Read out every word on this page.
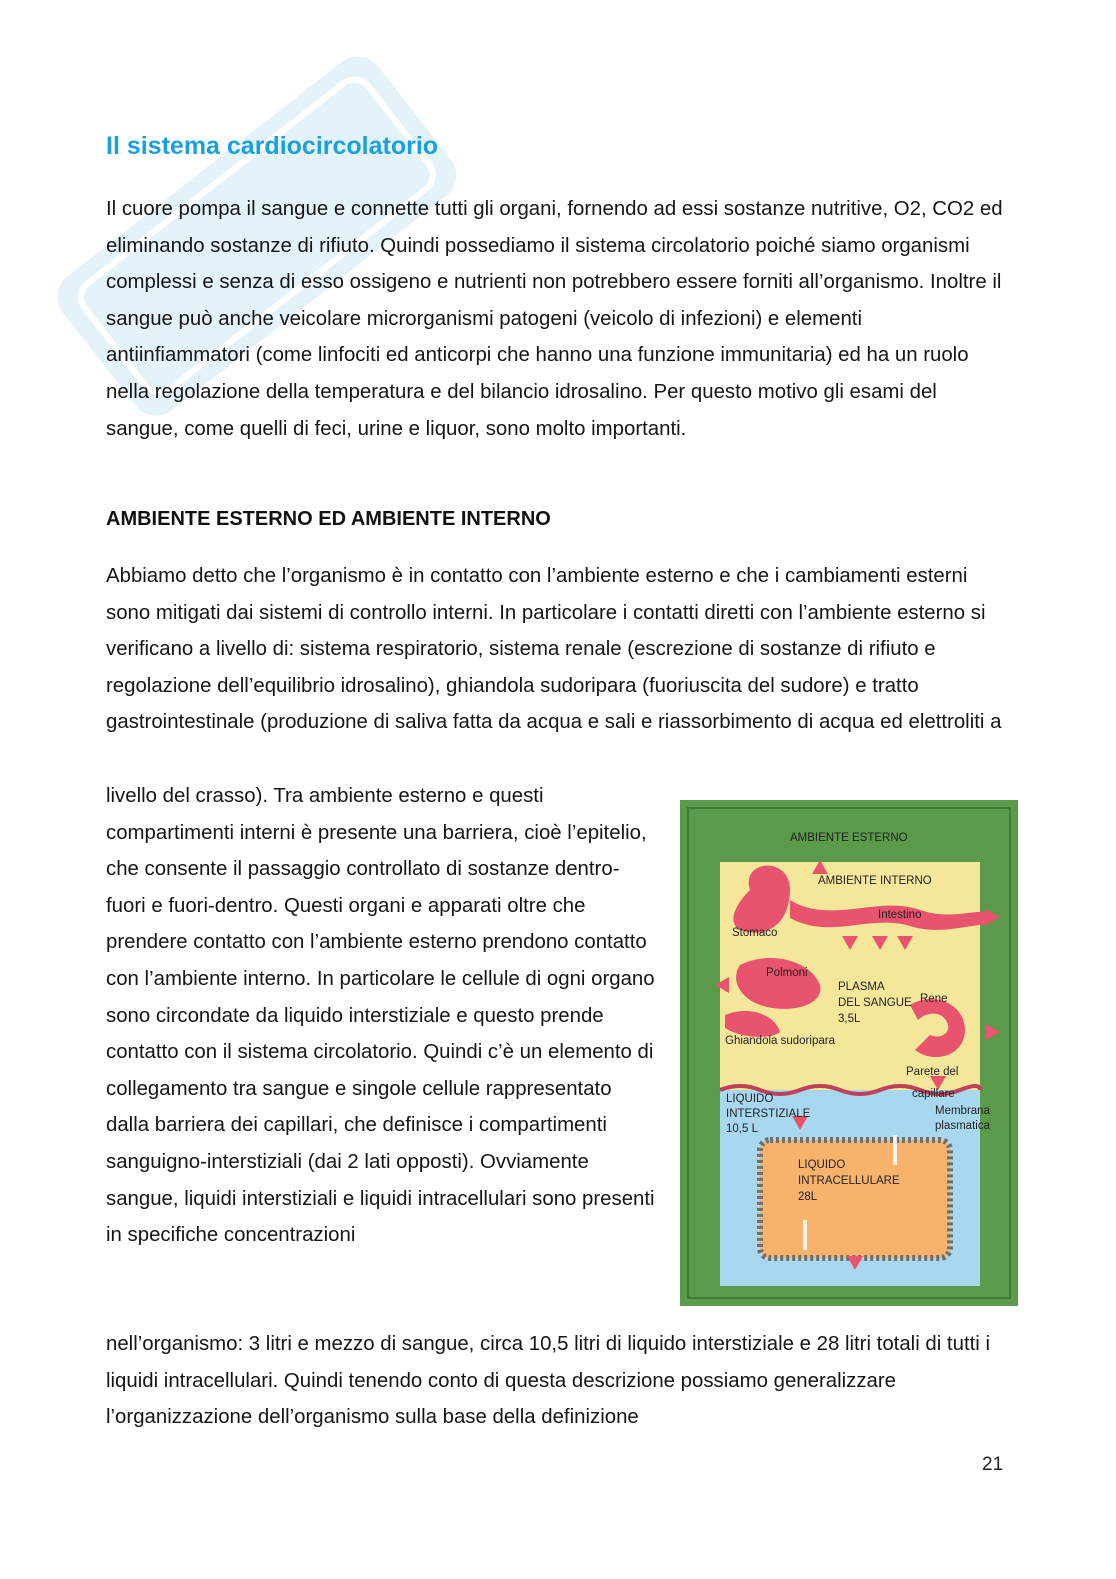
Il sistema cardiocircolatorio

Il cuore pompa il sangue e connette tutti gli organi, fornendo ad essi sostanze nutritive, O2, CO2 ed eliminando sostanze di rifiuto. Quindi possediamo il sistema circolatorio poiché siamo organismi complessi e senza di esso ossigeno e nutrienti non potrebbero essere forniti all’organismo. Inoltre il sangue può anche veicolare microrganismi patogeni (veicolo di infezioni) e elementi antiinfiammatori (come linfociti ed anticorpi che hanno una funzione immunitaria) ed ha un ruolo nella regolazione della temperatura e del bilancio idrosalino. Per questo motivo gli esami del sangue, come quelli di feci, urine e liquor, sono molto importanti.

AMBIENTE ESTERNO ED AMBIENTE INTERNO

Abbiamo detto che l’organismo è in contatto con l’ambiente esterno e che i cambiamenti esterni sono mitigati dai sistemi di controllo interni. In particolare i contatti diretti con l’ambiente esterno si verificano a livello di: sistema respiratorio, sistema renale (escrezione di sostanze di rifiuto e regolazione dell’equilibrio idrosalino), ghiandola sudoripara (fuoriuscita del sudore) e tratto gastrointestinale (produzione di saliva fatta da acqua e sali e riassorbimento di acqua ed elettroliti a

livello del crasso). Tra ambiente esterno e questi compartimenti interni è presente una barriera, cioè l’epitelio, che consente il passaggio controllato di sostanze dentro-fuori e fuori-dentro. Questi organi e apparati oltre che prendere contatto con l’ambiente esterno prendono contatto con l’ambiente interno. In particolare le cellule di ogni organo sono circondate da liquido interstiziale e questo prende contatto con il sistema circolatorio. Quindi c’è un elemento di collegamento tra sangue e singole cellule rappresentato dalla barriera dei capillari, che definisce i compartimenti sanguigno-interstiziali (dai 2 lati opposti). Ovviamente sangue, liquidi interstiziali e liquidi intracellulari sono presenti in specifiche concentrazioni

AMBIENTE ESTERNO
AMBIENTE INTERNO
Intestino
Stomaco
Polmoni
PLASMA
DEL SANGUE
3,5L
Rene
Ghiandola sudoripara
Parete del
capillare
LIQUIDO
INTERSTIZIALE
10,5 L
Membrana
plasmatica
LIQUIDO
INTRACELLULARE
28L

nell’organismo: 3 litri e mezzo di sangue, circa 10,5 litri di liquido interstiziale e 28 litri totali di tutti i liquidi intracellulari. Quindi tenendo conto di questa descrizione possiamo generalizzare l’organizzazione dell’organismo sulla base della definizione

21
